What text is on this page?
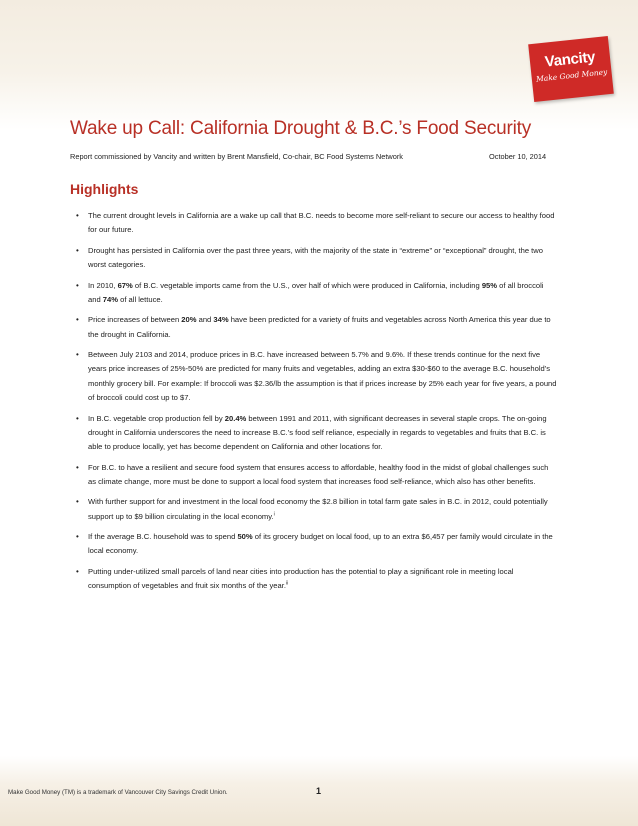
Vancity
Make Good Money
Wake up Call: California Drought & B.C.’s Food Security
Report commissioned by Vancity and written by Brent Mansfield, Co-chair, BC Food Systems Network	October 10, 2014
Highlights
• The current drought levels in California are a wake up call that B.C. needs to become more self-reliant to secure our access to healthy food for our future.
• Drought has persisted in California over the past three years, with the majority of the state in “extreme” or “exceptional” drought, the two worst categories.
• In 2010, 67% of B.C. vegetable imports came from the U.S., over half of which were produced in California, including 95% of all broccoli and 74% of all lettuce.
• Price increases of between 20% and 34% have been predicted for a variety of fruits and vegetables across North America this year due to the drought in California.
• Between July 2103 and 2014, produce prices in B.C. have increased between 5.7% and 9.6%. If these trends continue for the next five years price increases of 25%-50% are predicted for many fruits and vegetables, adding an extra $30-$60 to the average B.C. household’s monthly grocery bill. For example: If broccoli was $2.36/lb the assumption is that if prices increase by 25% each year for five years, a pound of broccoli could cost up to $7.
• In B.C. vegetable crop production fell by 20.4% between 1991 and 2011, with significant decreases in several staple crops. The on-going drought in California underscores the need to increase B.C.’s food self reliance, especially in regards to vegetables and fruits that B.C. is able to produce locally, yet has become dependent on California and other locations for.
• For B.C. to have a resilient and secure food system that ensures access to affordable, healthy food in the midst of global challenges such as climate change, more must be done to support a local food system that increases food self-reliance, which also has other benefits.
• With further support for and investment in the local food economy the $2.8 billion in total farm gate sales in B.C. in 2012, could potentially support up to $9 billion circulating in the local economy.$^i$
• If the average B.C. household was to spend 50% of its grocery budget on local food, up to an extra $6,457 per family would circulate in the local economy.
• Putting under-utilized small parcels of land near cities into production has the potential to play a significant role in meeting local consumption of vegetables and fruit six months of the year.$^{ii}$
Make Good Money (TM) is a trademark of Vancouver City Savings Credit Union.	1
